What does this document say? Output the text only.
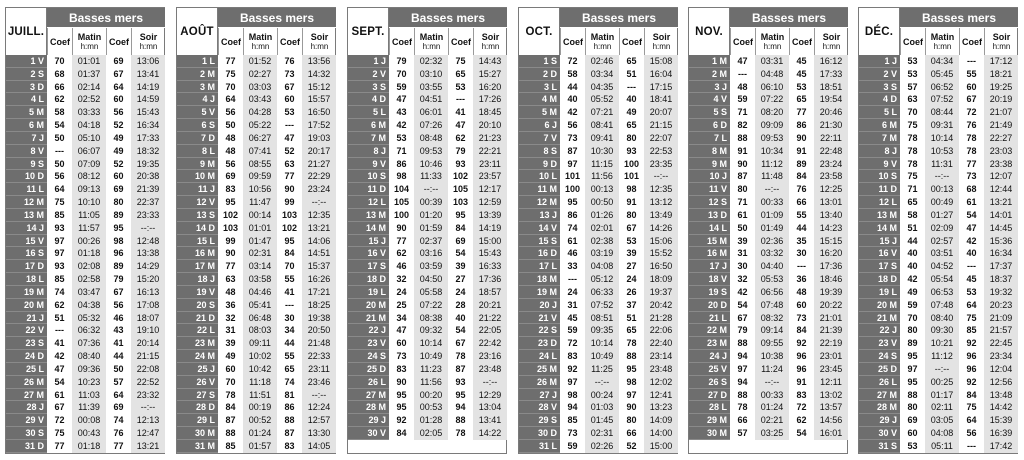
JUILL.
Basses mers
Coef Matin
h:mn Coef Soir
h:mn
1 V	70	01:01	69	13:06
2 S	68	01:37	67	13:41
3 D	66	02:14	64	14:19
4 L	62	02:52	60	14:59
5 M	58	03:33	56	15:43
6 M	54	04:18	52	16:34
7 J	50	05:10	49	17:33
8 V	---	06:07	49	18:32
9 S	50	07:09	52	19:35
10 D	56	08:12	60	20:38
11 L	64	09:13	69	21:39
12 M	75	10:10	80	22:37
13 M	85	11:05	89	23:33
14 J	93	11:57	95	--:--
15 V	97	00:26	98	12:48
16 S	97	01:18	96	13:38
17 D	93	02:08	89	14:29
18 L	85	02:58	79	15:20
19 M	74	03:47	67	16:13
20 M	62	04:38	56	17:08
21 J	51	05:32	46	18:07
22 V	---	06:32	43	19:10
23 S	41	07:36	41	20:14
24 D	42	08:40	44	21:15
25 L	47	09:36	50	22:08
26 M	54	10:23	57	22:52
27 M	61	11:03	64	23:32
28 J	67	11:39	69	--:--
29 V	72	00:08	74	12:13
30 S	75	00:43	76	12:47
31 D	77	01:18	77	13:21
AOÛT
Basses mers
Coef Matin
h:mn Coef Soir
h:mn
1 L	77	01:52	76	13:56
2 M	75	02:27	73	14:32
3 M	70	03:03	67	15:12
4 J	64	03:43	60	15:57
5 V	56	04:28	53	16:50
6 S	50	05:22	---	17:52
7 D	48	06:27	47	19:03
8 L	48	07:41	52	20:17
9 M	56	08:55	63	21:27
10 M	69	09:59	77	22:29
11 J	83	10:56	90	23:24
12 V	95	11:47	99	--:--
13 S 102	00:14	103	12:35
14 D 103	01:01	102	13:21
15 L	99	01:47	95	14:06
16 M	90	02:31	84	14:51
17 M	77	03:14	70	15:37
18 J	63	03:58	55	16:26
19 V	48	04:46	41	17:21
20 S	36	05:41	---	18:25
21 D	32	06:48	30	19:38
22 L	31	08:03	34	20:50
23 M	39	09:11	44	21:48
24 M	49	10:02	55	22:33
25 J	60	10:42	65	23:11
26 V	70	11:18	74	23:46
27 S	78	11:51	81	--:--
28 D	84	00:19	86	12:24
29 L	87	00:52	88	12:57
30 M	88	01:24	87	13:30
31 M	85	01:57	83	14:05
SEPT.
Basses mers
Coef Matin
h:mn Coef Soir
h:mn
1 J	79	02:32	75	14:43
2 V	70	03:10	65	15:27
3 S	59	03:55	53	16:20
4 D	47	04:51	---	17:26
5 L	43	06:01	41	18:45
6 M	42	07:26	47	20:10
7 M	53	08:48	62	21:23
8 J	71	09:53	79	22:21
9 V	86	10:46	93	23:11
10 S	98	11:33	102	23:57
11 D 104	--:--	105	12:17
12 L 105	00:39	103	12:59
13 M 100	01:20	95	13:39
14 M	90	01:59	84	14:19
15 J	77	02:37	69	15:00
16 V	62	03:16	54	15:43
17 S	46	03:59	39	16:33
18 D	32	04:50	27	17:36
19 L	24	05:58	24	18:57
20 M	25	07:22	28	20:21
21 M	34	08:38	40	21:22
22 J	47	09:32	54	22:05
23 V	60	10:14	67	22:42
24 S	73	10:49	78	23:16
25 D	83	11:23	87	23:48
26 L	90	11:56	93	--:--
27 M	95	00:20	95	12:29
28 M	95	00:53	94	13:04
29 J	92	01:28	88	13:41
30 V	84	02:05	78	14:22
OCT.
Basses mers
Coef Matin
h:mn Coef Soir
h:mn
1 S	72	02:46	65	15:08
2 D	58	03:34	51	16:04
3 L	44	04:35	---	17:15
4 M	40	05:52	40	18:41
5 M	42	07:21	49	20:07
6 J	56	08:41	65	21:15
7 V	73	09:41	80	22:07
8 S	87	10:30	93	22:53
9 D	97	11:15	100	23:35
10 L 101	11:56	101	--:--
11 M 100	00:13	98	12:35
12 M	95	00:50	91	13:12
13 J	86	01:26	80	13:49
14 V	74	02:01	67	14:26
15 S	61	02:38	53	15:06
16 D	46	03:19	39	15:52
17 L	33	04:08	27	16:50
18 M	---	05:12	24	18:09
19 M	24	06:33	26	19:37
20 J	31	07:52	37	20:42
21 V	45	08:51	51	21:28
22 S	59	09:35	65	22:06
23 D	72	10:14	78	22:40
24 L	83	10:49	88	23:14
25 M	92	11:25	95	23:48
26 M	97	--:--	98	12:02
27 J	98	00:24	97	12:41
28 V	94	01:03	90	13:23
29 S	85	01:45	80	14:09
30 D	73	02:31	66	14:00
31 L	59	02:26	52	15:00
NOV.
Basses mers
Coef Matin
h:mn Coef Soir
h:mn
1 M	47	03:31	45	16:12
2 M	---	04:48	45	17:33
3 J	48	06:10	53	18:51
4 V	59	07:22	65	19:54
5 S	71	08:20	77	20:46
6 D	82	09:09	86	21:30
7 L	88	09:53	90	22:11
8 M	91	10:34	91	22:48
9 M	90	11:12	89	23:24
10 J	87	11:48	84	23:58
11 V	80	--:--	76	12:25
12 S	71	00:33	66	13:01
13 D	61	01:09	55	13:40
14 L	50	01:49	44	14:23
15 M	39	02:36	35	15:15
16 M	31	03:32	30	16:20
17 J	30	04:40	---	17:36
18 V	32	05:53	36	18:46
19 S	42	06:56	48	19:39
20 D	54	07:48	60	20:22
21 L	67	08:32	73	21:01
22 M	79	09:14	84	21:39
23 M	88	09:55	92	22:19
24 J	94	10:38	96	23:01
25 V	97	11:24	96	23:45
26 S	94	--:--	91	12:11
27 D	88	00:33	83	13:02
28 L	78	01:24	72	13:57
29 M	66	02:21	62	14:56
30 M	57	03:25	54	16:01
DÉC.
Basses mers
Coef Matin
h:mn Coef Soir
h:mn
1 J	53	04:34	---	17:12
2 V	53	05:45	55	18:21
3 S	57	06:52	60	19:25
4 D	63	07:52	67	20:19
5 L	70	08:44	72	21:07
6 M	75	09:31	76	21:49
7 M	78	10:14	78	22:27
8 J	78	10:53	78	23:03
9 V	78	11:31	77	23:38
10 S	75	--:--	73	12:07
11 D	71	00:13	68	12:44
12 L	65	00:49	61	13:21
13 M	58	01:27	54	14:01
14 M	51	02:09	47	14:45
15 J	44	02:57	42	15:36
16 V	40	03:51	40	16:34
17 S	40	04:52	---	17:37
18 D	42	05:54	45	18:37
19 L	49	06:53	53	19:32
20 M	59	07:48	64	20:23
21 M	70	08:40	75	21:09
22 J	80	09:30	85	21:57
23 V	89	10:21	92	22:45
24 S	95	11:12	96	23:34
25 D	97	--:--	96	12:04
26 L	95	00:25	92	12:56
27 M	88	01:17	84	13:48
28 M	80	02:11	75	14:42
29 J	69	03:05	64	15:39
30 V	60	04:08	56	16:39
31 S	53	05:11	---	17:42
